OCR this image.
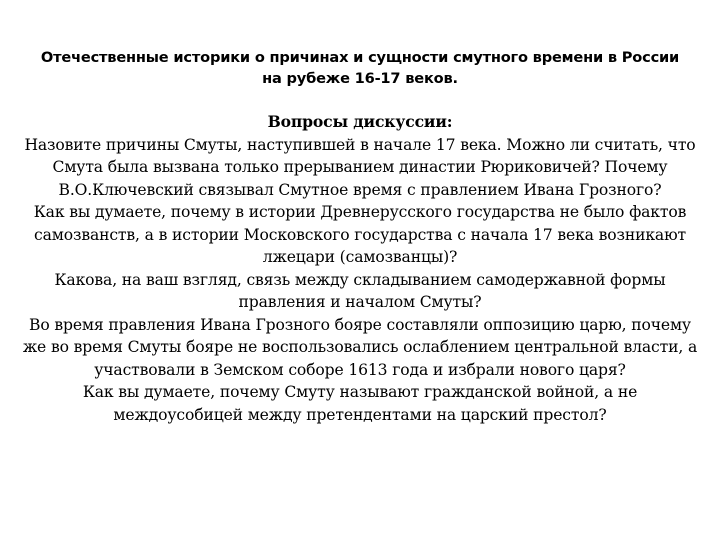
Отечественные историки о причинах и сущности смутного времени в России на рубеже 16-17 веков.
Вопросы дискуссии:
Назовите причины Смуты, наступившей в начале 17 века. Можно ли считать, что Смута была вызвана только прерыванием династии Рюриковичей? Почему В.О.Ключевский связывал Смутное время с правлением Ивана Грозного?
Как вы думаете, почему в истории Древнерусского государства не было фактов самозванств, а в истории Московского государства с начала 17 века возникают лжецари (самозванцы)?
Какова, на ваш взгляд, связь между складыванием самодержавной формы правления и началом Смуты?
Во время правления Ивана Грозного бояре составляли оппозицию царю, почему же во время Смуты бояре не воспользовались ослаблением центральной власти, а участвовали в Земском соборе 1613 года и избрали нового царя?
Как вы думаете, почему Смуту называют гражданской войной, а не междоусобицей между претендентами на царский престол?
